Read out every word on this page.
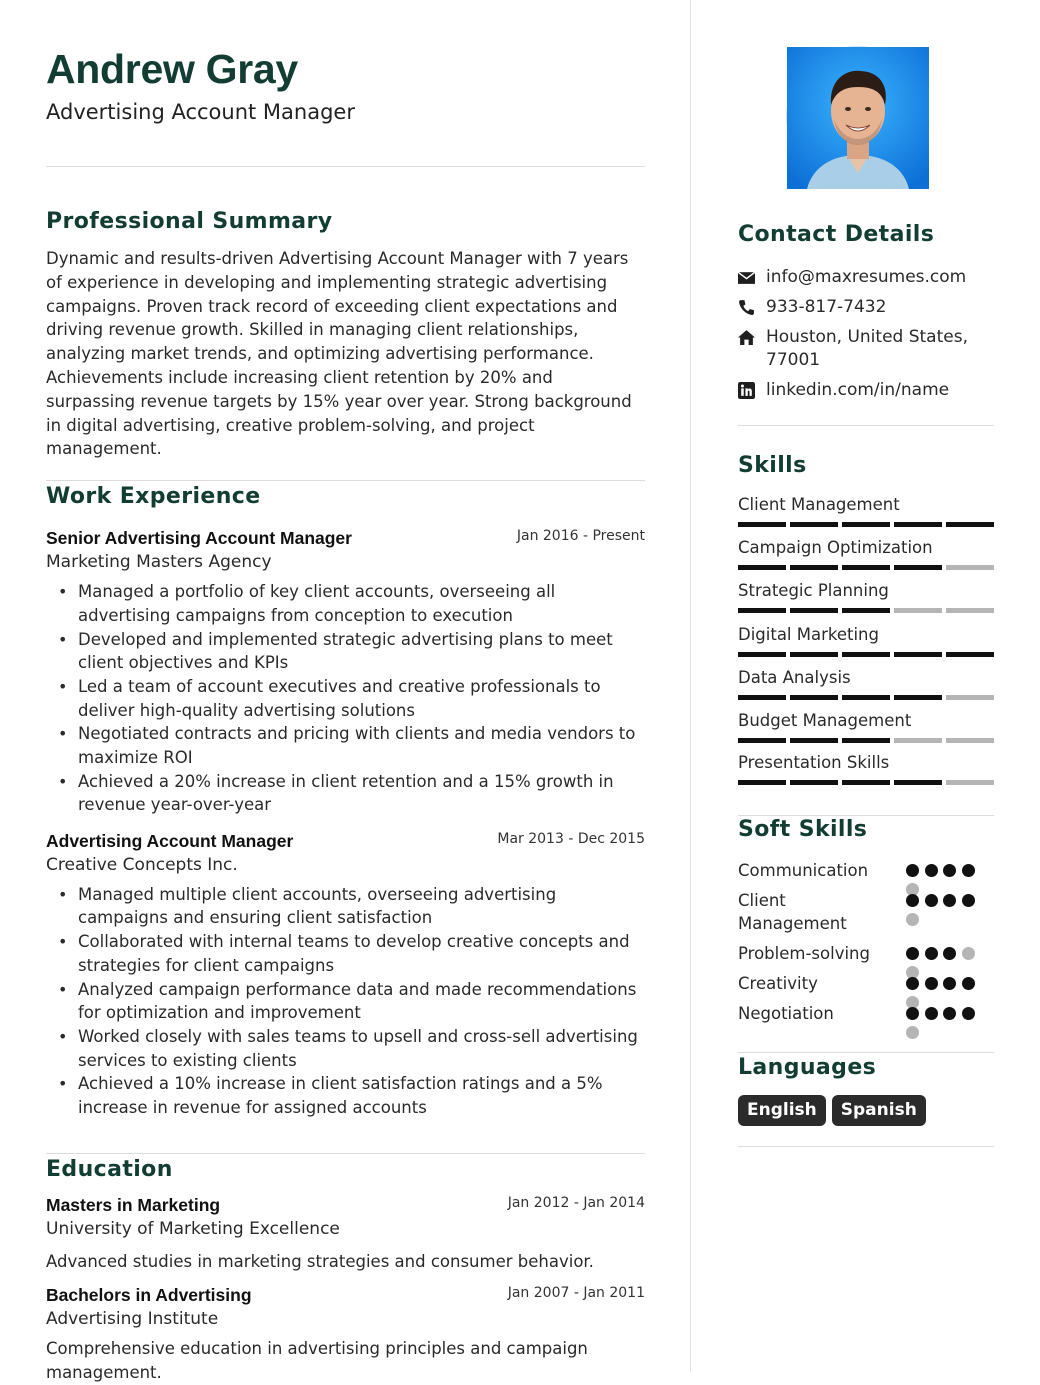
Andrew Gray
Advertising Account Manager
Professional Summary
Dynamic and results-driven Advertising Account Manager with 7 years of experience in developing and implementing strategic advertising campaigns. Proven track record of exceeding client expectations and driving revenue growth. Skilled in managing client relationships, analyzing market trends, and optimizing advertising performance. Achievements include increasing client retention by 20% and surpassing revenue targets by 15% year over year. Strong background in digital advertising, creative problem-solving, and project management.
Work Experience
Senior Advertising Account Manager	Jan 2016 - Present
Marketing Masters Agency
• Managed a portfolio of key client accounts, overseeing all advertising campaigns from conception to execution
• Developed and implemented strategic advertising plans to meet client objectives and KPIs
• Led a team of account executives and creative professionals to deliver high-quality advertising solutions
• Negotiated contracts and pricing with clients and media vendors to maximize ROI
• Achieved a 20% increase in client retention and a 15% growth in revenue year-over-year
Advertising Account Manager	Mar 2013 - Dec 2015
Creative Concepts Inc.
• Managed multiple client accounts, overseeing advertising campaigns and ensuring client satisfaction
• Collaborated with internal teams to develop creative concepts and strategies for client campaigns
• Analyzed campaign performance data and made recommendations for optimization and improvement
• Worked closely with sales teams to upsell and cross-sell advertising services to existing clients
• Achieved a 10% increase in client satisfaction ratings and a 5% increase in revenue for assigned accounts
Education
Masters in Marketing	Jan 2012 - Jan 2014
University of Marketing Excellence
Advanced studies in marketing strategies and consumer behavior.
Bachelors in Advertising	Jan 2007 - Jan 2011
Advertising Institute
Comprehensive education in advertising principles and campaign management.
Contact Details
info@maxresumes.com
933-817-7432
Houston, United States, 77001
linkedin.com/in/name
Skills
Client Management
Campaign Optimization
Strategic Planning
Digital Marketing
Data Analysis
Budget Management
Presentation Skills
Soft Skills
Communication
Client Management
Problem-solving
Creativity
Negotiation
Languages
English	Spanish
